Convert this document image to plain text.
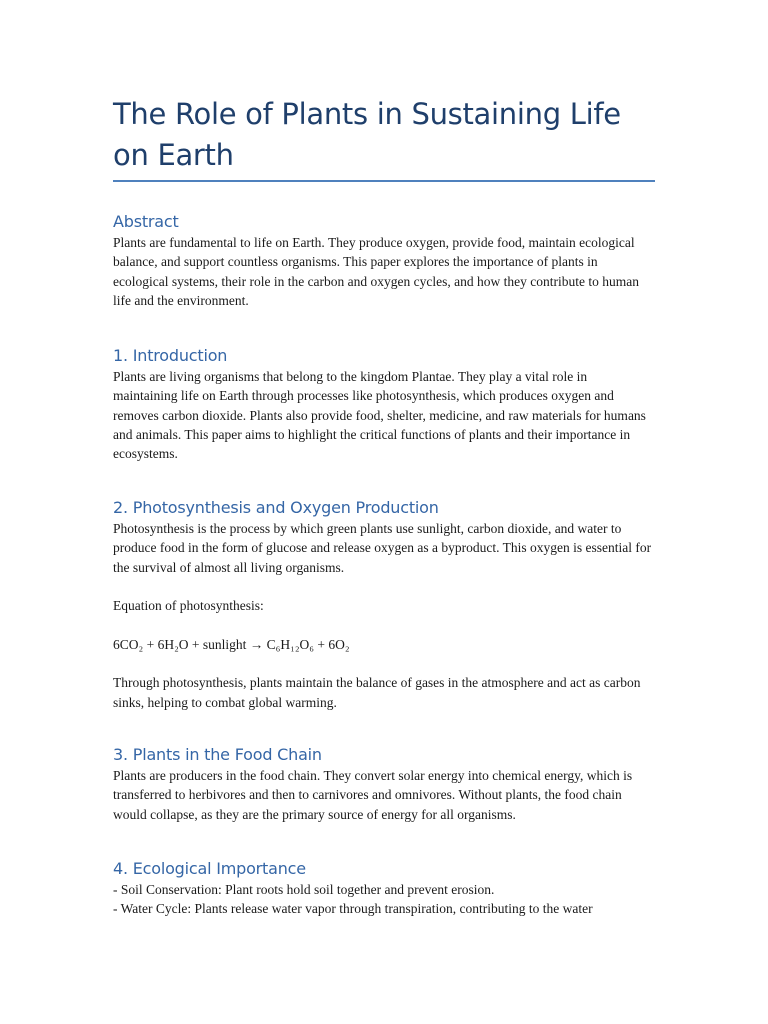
The Role of Plants in Sustaining Life on Earth
Abstract

Plants are fundamental to life on Earth. They produce oxygen, provide food, maintain ecological balance, and support countless organisms. This paper explores the importance of plants in ecological systems, their role in the carbon and oxygen cycles, and how they contribute to human life and the environment.

1. Introduction

Plants are living organisms that belong to the kingdom Plantae. They play a vital role in maintaining life on Earth through processes like photosynthesis, which produces oxygen and removes carbon dioxide. Plants also provide food, shelter, medicine, and raw materials for humans and animals. This paper aims to highlight the critical functions of plants and their importance in ecosystems.

2. Photosynthesis and Oxygen Production

Photosynthesis is the process by which green plants use sunlight, carbon dioxide, and water to produce food in the form of glucose and release oxygen as a byproduct. This oxygen is essential for the survival of almost all living organisms.

Equation of photosynthesis:

6CO₂ + 6H₂O + sunlight → C₆H₁₂O₆ + 6O₂

Through photosynthesis, plants maintain the balance of gases in the atmosphere and act as carbon sinks, helping to combat global warming.

3. Plants in the Food Chain

Plants are producers in the food chain. They convert solar energy into chemical energy, which is transferred to herbivores and then to carnivores and omnivores. Without plants, the food chain would collapse, as they are the primary source of energy for all organisms.

4. Ecological Importance

- Soil Conservation: Plant roots hold soil together and prevent erosion.

- Water Cycle: Plants release water vapor through transpiration, contributing to the water
